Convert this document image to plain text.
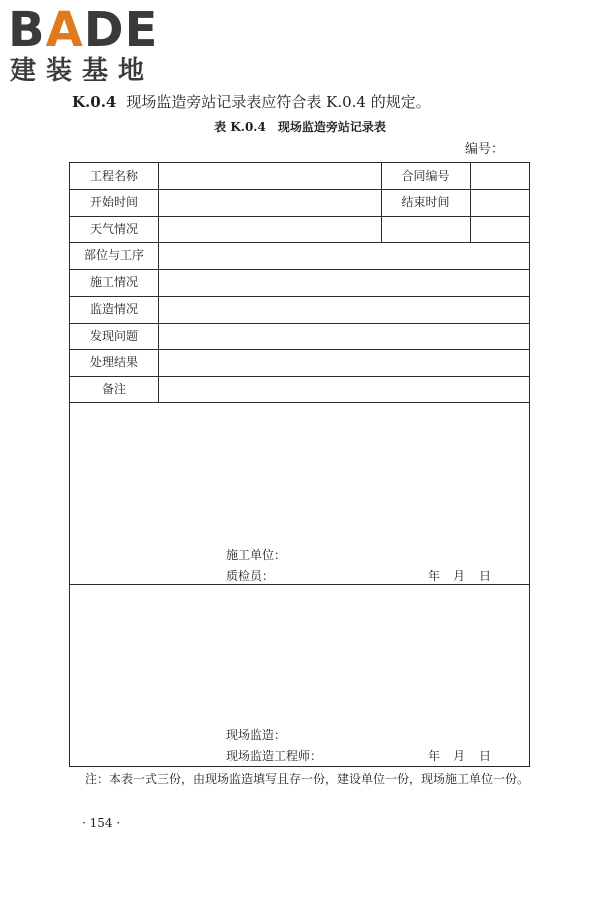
BADE
建装基地
K.0.4 现场监造旁站记录表应符合表 K.0.4 的规定。
表 K.0.4　现场监造旁站记录表
编号：
工程名称	合同编号
开始时间	结束时间
天气情况
部位与工序
施工情况
监造情况
发现问题
处理结果
备注
施工单位：
质检员：	年 月 日
现场监造：
现场监造工程师：	年 月 日
注：本表一式三份，由现场监造填写且存一份，建设单位一份，现场施工单位一份。
· 154 ·
